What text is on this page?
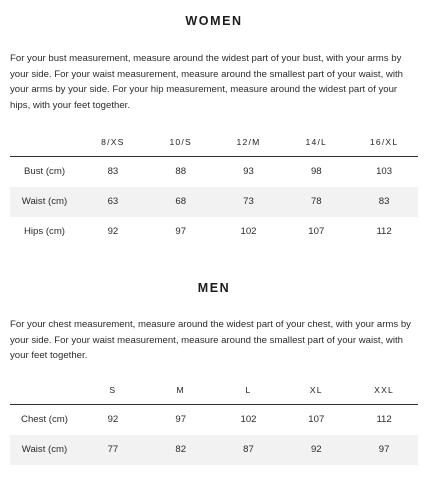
WOMEN
For your bust measurement, measure around the widest part of your bust, with your arms by your side. For your waist measurement, measure around the smallest part of your waist, with your arms by your side. For your hip measurement, measure around the widest part of your hips, with your feet together.
	8/XS	10/S	12/M	14/L	16/XL
Bust (cm)	83	88	93	98	103
Waist (cm)	63	68	73	78	83
Hips (cm)	92	97	102	107	112
MEN
For your chest measurement, measure around the widest part of your chest, with your arms by your side. For your waist measurement, measure around the smallest part of your waist, with your feet together.
	S	M	L	XL	XXL
Chest (cm)	92	97	102	107	112
Waist (cm)	77	82	87	92	97
